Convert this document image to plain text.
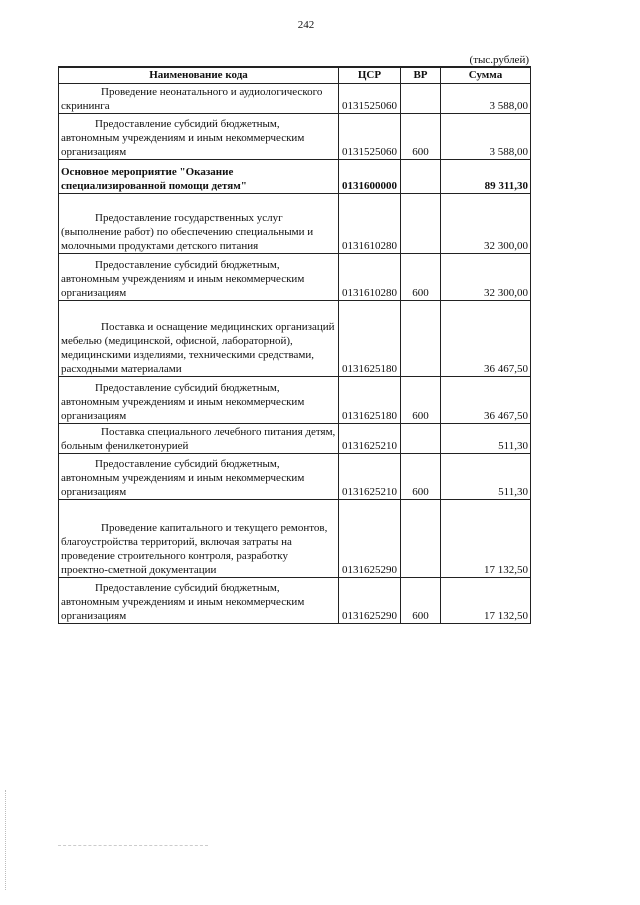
242
(тыс.рублей)
Наименование кода	ЦСР	ВР	Сумма
Проведение неонатального и аудиологического скрининга	0131525060		3 588,00
Предоставление субсидий бюджетным, автономным учреждениям и иным некоммерческим организациям	0131525060	600	3 588,00
Основное мероприятие "Оказание специализированной помощи детям"	0131600000		89 311,30
Предоставление государственных услуг (выполнение работ) по обеспечению специальными и молочными продуктами детского питания	0131610280		32 300,00
Предоставление субсидий бюджетным, автономным учреждениям и иным некоммерческим организациям	0131610280	600	32 300,00
Поставка и оснащение медицинских организаций мебелью (медицинской, офисной, лабораторной), медицинскими изделиями, техническими средствами, расходными материалами	0131625180		36 467,50
Предоставление субсидий бюджетным, автономным учреждениям и иным некоммерческим организациям	0131625180	600	36 467,50
Поставка специального лечебного питания детям, больным фенилкетонурией	0131625210		511,30
Предоставление субсидий бюджетным, автономным учреждениям и иным некоммерческим организациям	0131625210	600	511,30
Проведение капитального и текущего ремонтов, благоустройства территорий, включая затраты на проведение строительного контроля, разработку проектно-сметной документации	0131625290		17 132,50
Предоставление субсидий бюджетным, автономным учреждениям и иным некоммерческим организациям	0131625290	600	17 132,50
